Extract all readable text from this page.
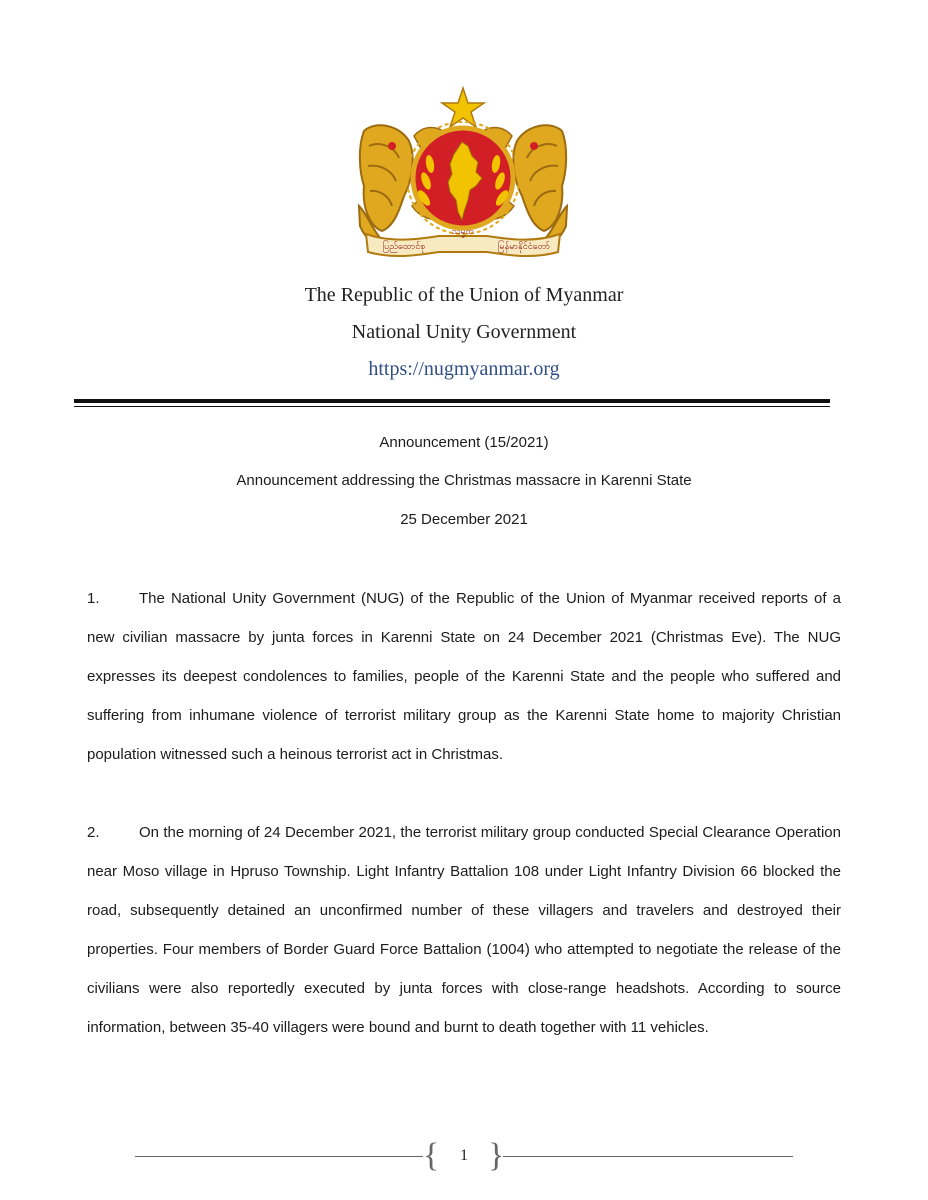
ပြည်ထောင်စု
သမ္မတ
မြန်မာနိုင်ငံတော်
The Republic of the Union of Myanmar
National Unity Government
https://nugmyanmar.org
Announcement (15/2021)
Announcement addressing the Christmas massacre in Karenni State
25 December 2021
1.	The National Unity Government (NUG) of the Republic of the Union of Myanmar received reports of a new civilian massacre by junta forces in Karenni State on 24 December 2021 (Christmas Eve). The NUG expresses its deepest condolences to families, people of the Karenni State and the people who suffered and suffering from inhumane violence of terrorist military group as the Karenni State home to majority Christian population witnessed such a heinous terrorist act in Christmas.
2.	On the morning of 24 December 2021, the terrorist military group conducted Special Clearance Operation near Moso village in Hpruso Township. Light Infantry Battalion 108 under Light Infantry Division 66 blocked the road, subsequently detained an unconfirmed number of these villagers and travelers and destroyed their properties. Four members of Border Guard Force Battalion (1004) who attempted to negotiate the release of the civilians were also reportedly executed by junta forces with close-range headshots. According to source information, between 35-40 villagers were bound and burnt to death together with 11 vehicles.
{ }
1
